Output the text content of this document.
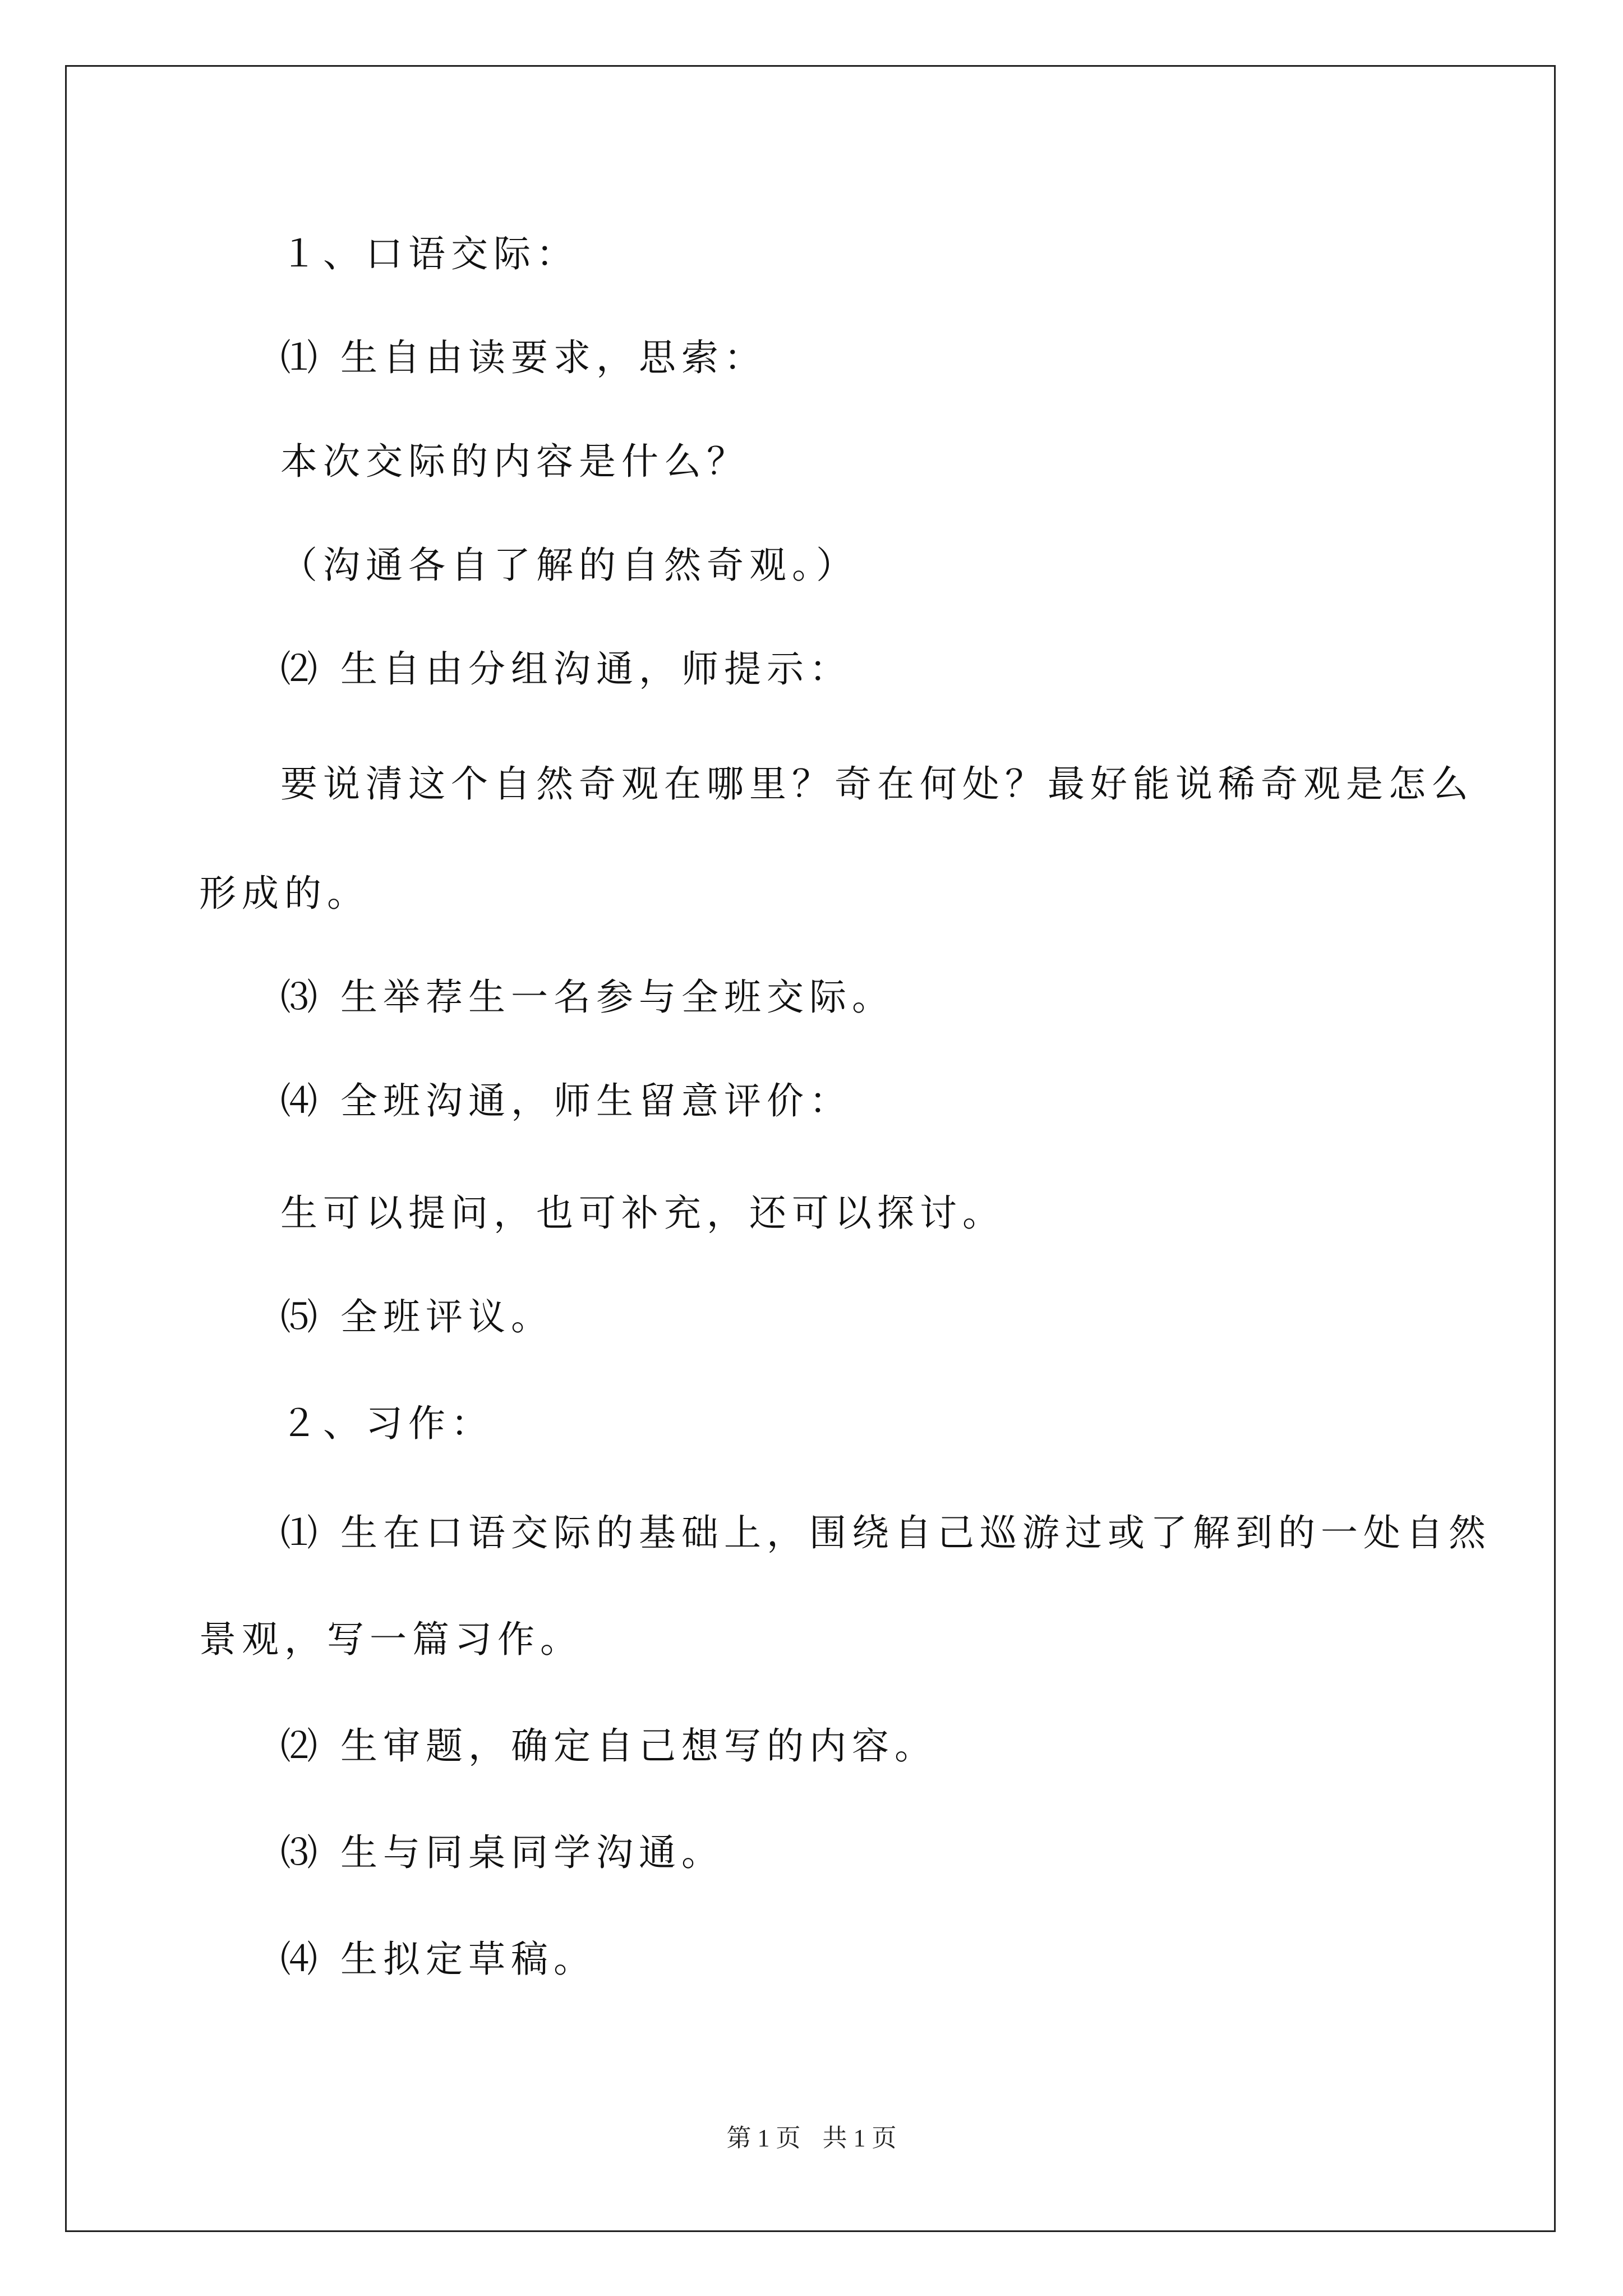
１、口语交际：
⑴ 生自由读要求，思索：
本次交际的内容是什么？
（沟通各自了解的自然奇观。）
⑵ 生自由分组沟通，师提示：
要说清这个自然奇观在哪里？奇在何处？最好能说稀奇观是怎么
形成的。
⑶ 生举荐生一名参与全班交际。
⑷ 全班沟通，师生留意评价：
生可以提问，也可补充，还可以探讨。
⑸ 全班评议。
２、习作：
⑴ 生在口语交际的基础上，围绕自己巡游过或了解到的一处自然
景观，写一篇习作。
⑵ 生审题，确定自己想写的内容。
⑶ 生与同桌同学沟通。
⑷ 生拟定草稿。
第 1 页 共 1 页
